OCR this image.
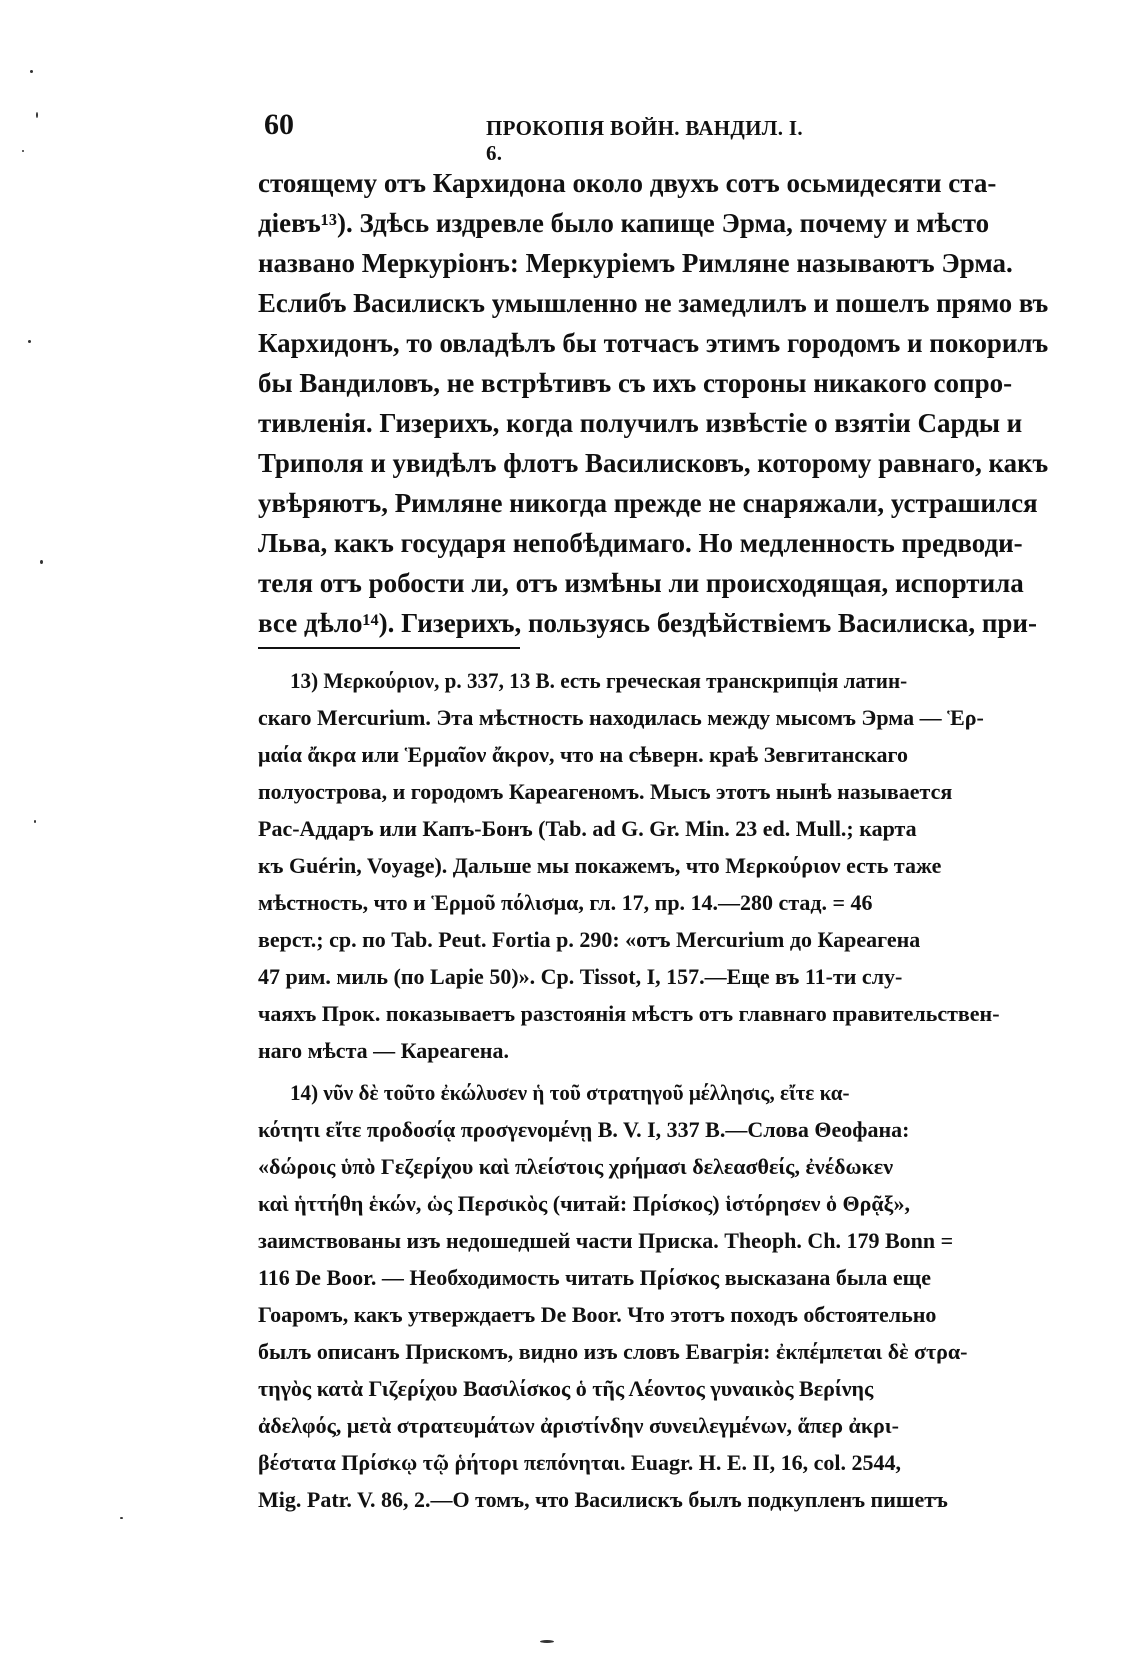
60	ПРОКОПІЯ ВОЙН. ВАНДИЛ. I. 6.
стоящему отъ Кархидона около двухъ сотъ осьмидесяти ста-
діевъ¹³). Здѣсь издревле было капище Эрма, почему и мѣсто
названо Меркуріонъ: Меркуріемъ Римляне называютъ Эрма.
Еслибъ Василискъ умышленно не замедлилъ и пошелъ прямо въ
Кархидонъ, то овладѣлъ бы тотчасъ этимъ городомъ и покорилъ
бы Вандиловъ, не встрѣтивъ съ ихъ стороны никакого сопро-
тивленія. Гизерихъ, когда получилъ извѣстіе о взятіи Сарды и
Триполя и увидѣлъ флотъ Василисковъ, которому равнаго, какъ
увѣряютъ, Римляне никогда прежде не снаряжали, устрашился
Льва, какъ государя непобѣдимаго. Но медленность предводи-
теля отъ робости ли, отъ измѣны ли происходящая, испортила
все дѣло¹⁴). Гизерихъ, пользуясь бездѣйствіемъ Василиска, при-
13) Μερκούριον, p. 337, 13 B. есть греческая транскрипція латин-
скаго Mercurium. Эта мѣстность находилась между мысомъ Эрма — Ἑρ-
μαία ἄκρα или Ἑρμαῖον ἄκρον, что на сѣверн. краѣ Зевгитанскаго
полуострова, и городомъ Кареагеномъ. Мысъ этотъ нынѣ называется
Рас-Аддаръ или Капъ-Бонъ (Tab. ad G. Gr. Min. 23 ed. Mull.; карта
къ Guérin, Voyage). Дальше мы покажемъ, что Μερκούριον есть таже
мѣстность, что и Ἑρμοῦ πόλισμα, гл. 17, пр. 14.—280 стад. = 46
верст.; ср. по Tab. Peut. Fortia p. 290: «отъ Mercurium до Кареагена
47 рим. миль (по Lapie 50)». Ср. Tissot, I, 157.—Еще въ 11-ти слу-
чаяхъ Прок. показываетъ разстоянія мѣстъ отъ главнаго правительствен-
наго мѣста — Кареагена.
14) νῦν δὲ τοῦτο ἐκώλυσεν ἡ τοῦ στρατηγοῦ μέλλησις, εἴτε κα-
κότητι εἴτε προδοσίᾳ προσγενομένῃ B. V. I, 337 B.—Слова Θеофана:
«δώροις ὑπὸ Γεζερίχου καὶ πλείστοις χρήμασι δελεασθείς, ἐνέδωκεν
καὶ ἡττήθη ἑκών, ὡς Περσικὸς (читай: Πρίσκος) ἱστόρησεν ὁ Θρᾷξ»,
заимствованы изъ недошедшей части Приска. Theoph. Ch. 179 Bonn =
116 De Boor. — Необходимость читать Πρίσκος высказана была еще
Гоаромъ, какъ утверждаетъ De Boor. Что этотъ походъ обстоятельно
былъ описанъ Прискомъ, видно изъ словъ Евагрія: ἐκπέμπεται δὲ στρα-
τηγὸς κατὰ Γιζερίχου Βασιλίσκος ὁ τῆς Λέοντος γυναικὸς Βερίνης
ἀδελφός, μετὰ στρατευμάτων ἀριστίνδην συνειλεγμένων, ἅπερ ἀκρι-
βέστατα Πρίσκῳ τῷ ῥήτορι πεπόνηται. Euagr. H. E. II, 16, col. 2544,
Mig. Patr. V. 86, 2.—О томъ, что Василискъ былъ подкупленъ пишетъ
